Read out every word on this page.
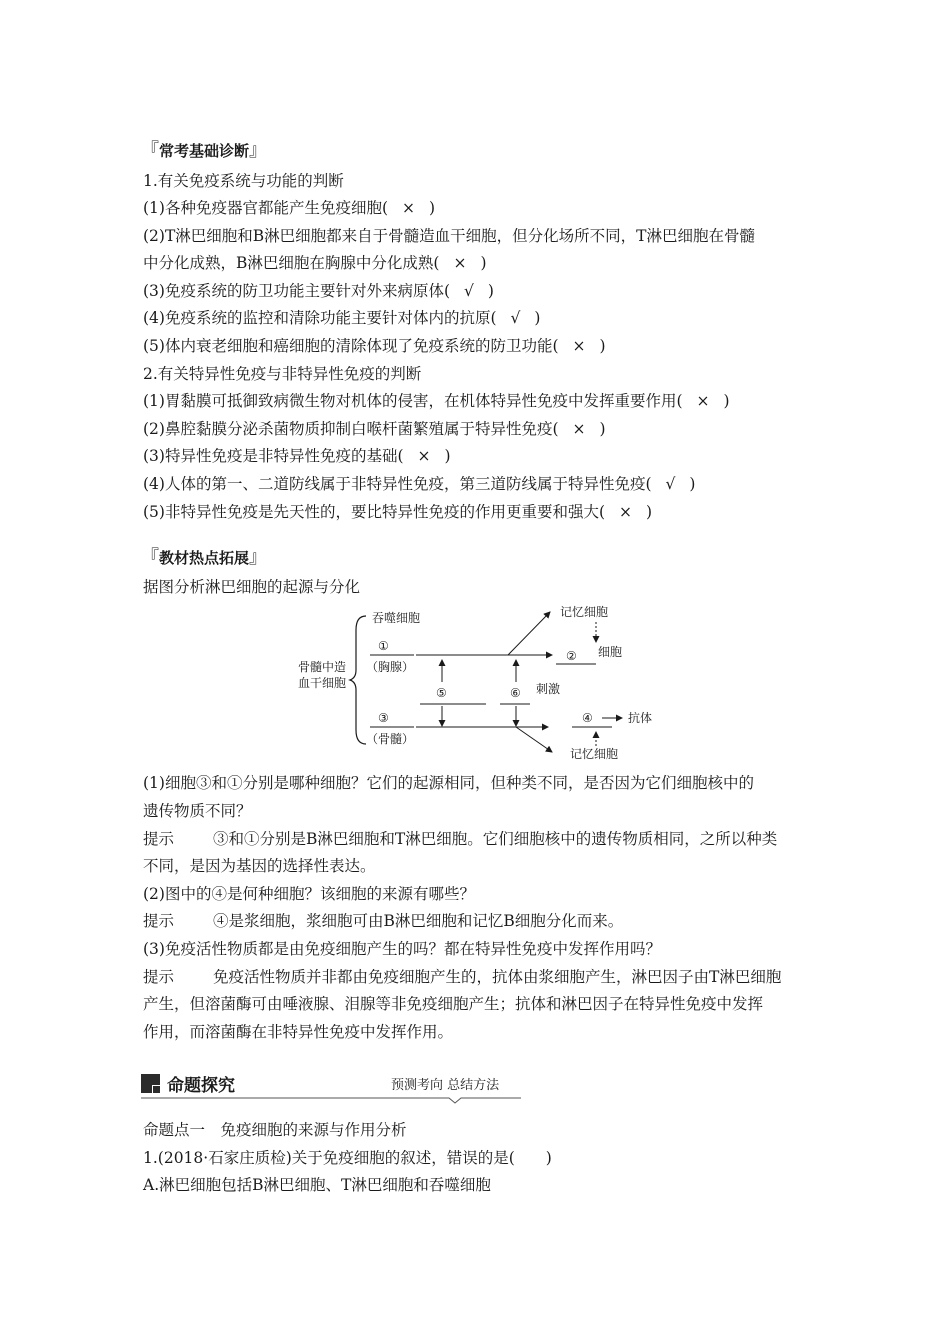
『常考基础诊断』
1.有关免疫系统与功能的判断
(1)各种免疫器官都能产生免疫细胞( × )
(2)T淋巴细胞和B淋巴细胞都来自于骨髓造血干细胞，但分化场所不同，T淋巴细胞在骨髓
中分化成熟，B淋巴细胞在胸腺中分化成熟( × )
(3)免疫系统的防卫功能主要针对外来病原体( √ )
(4)免疫系统的监控和清除功能主要针对体内的抗原( √ )
(5)体内衰老细胞和癌细胞的清除体现了免疫系统的防卫功能( × )
2.有关特异性免疫与非特异性免疫的判断
(1)胃黏膜可抵御致病微生物对机体的侵害，在机体特异性免疫中发挥重要作用( × )
(2)鼻腔黏膜分泌杀菌物质抑制白喉杆菌繁殖属于特异性免疫( × )
(3)特异性免疫是非特异性免疫的基础( × )
(4)人体的第一、二道防线属于非特异性免疫，第三道防线属于特异性免疫( √ )
(5)非特异性免疫是先天性的，要比特异性免疫的作用更重要和强大( × )
『教材热点拓展』
据图分析淋巴细胞的起源与分化
骨髓中造
血干细胞
吞噬细胞
①
（胸腺）
② 细胞
记忆细胞
⑤	⑥ 刺激
③
（骨髓）
④	抗体
记忆细胞
(1)细胞③和①分别是哪种细胞？它们的起源相同，但种类不同，是否因为它们细胞核中的
遗传物质不同？
提示	③和①分别是B淋巴细胞和T淋巴细胞。它们细胞核中的遗传物质相同，之所以种类
不同，是因为基因的选择性表达。
(2)图中的④是何种细胞？该细胞的来源有哪些？
提示	④是浆细胞，浆细胞可由B淋巴细胞和记忆B细胞分化而来。
(3)免疫活性物质都是由免疫细胞产生的吗？都在特异性免疫中发挥作用吗？
提示	免疫活性物质并非都由免疫细胞产生的，抗体由浆细胞产生，淋巴因子由T淋巴细胞
产生，但溶菌酶可由唾液腺、泪腺等非免疫细胞产生；抗体和淋巴因子在特异性免疫中发挥
作用，而溶菌酶在非特异性免疫中发挥作用。
命题探究	预测考向 总结方法
命题点一　免疫细胞的来源与作用分析
1.(2018·石家庄质检)关于免疫细胞的叙述，错误的是(　　)
A.淋巴细胞包括B淋巴细胞、T淋巴细胞和吞噬细胞
